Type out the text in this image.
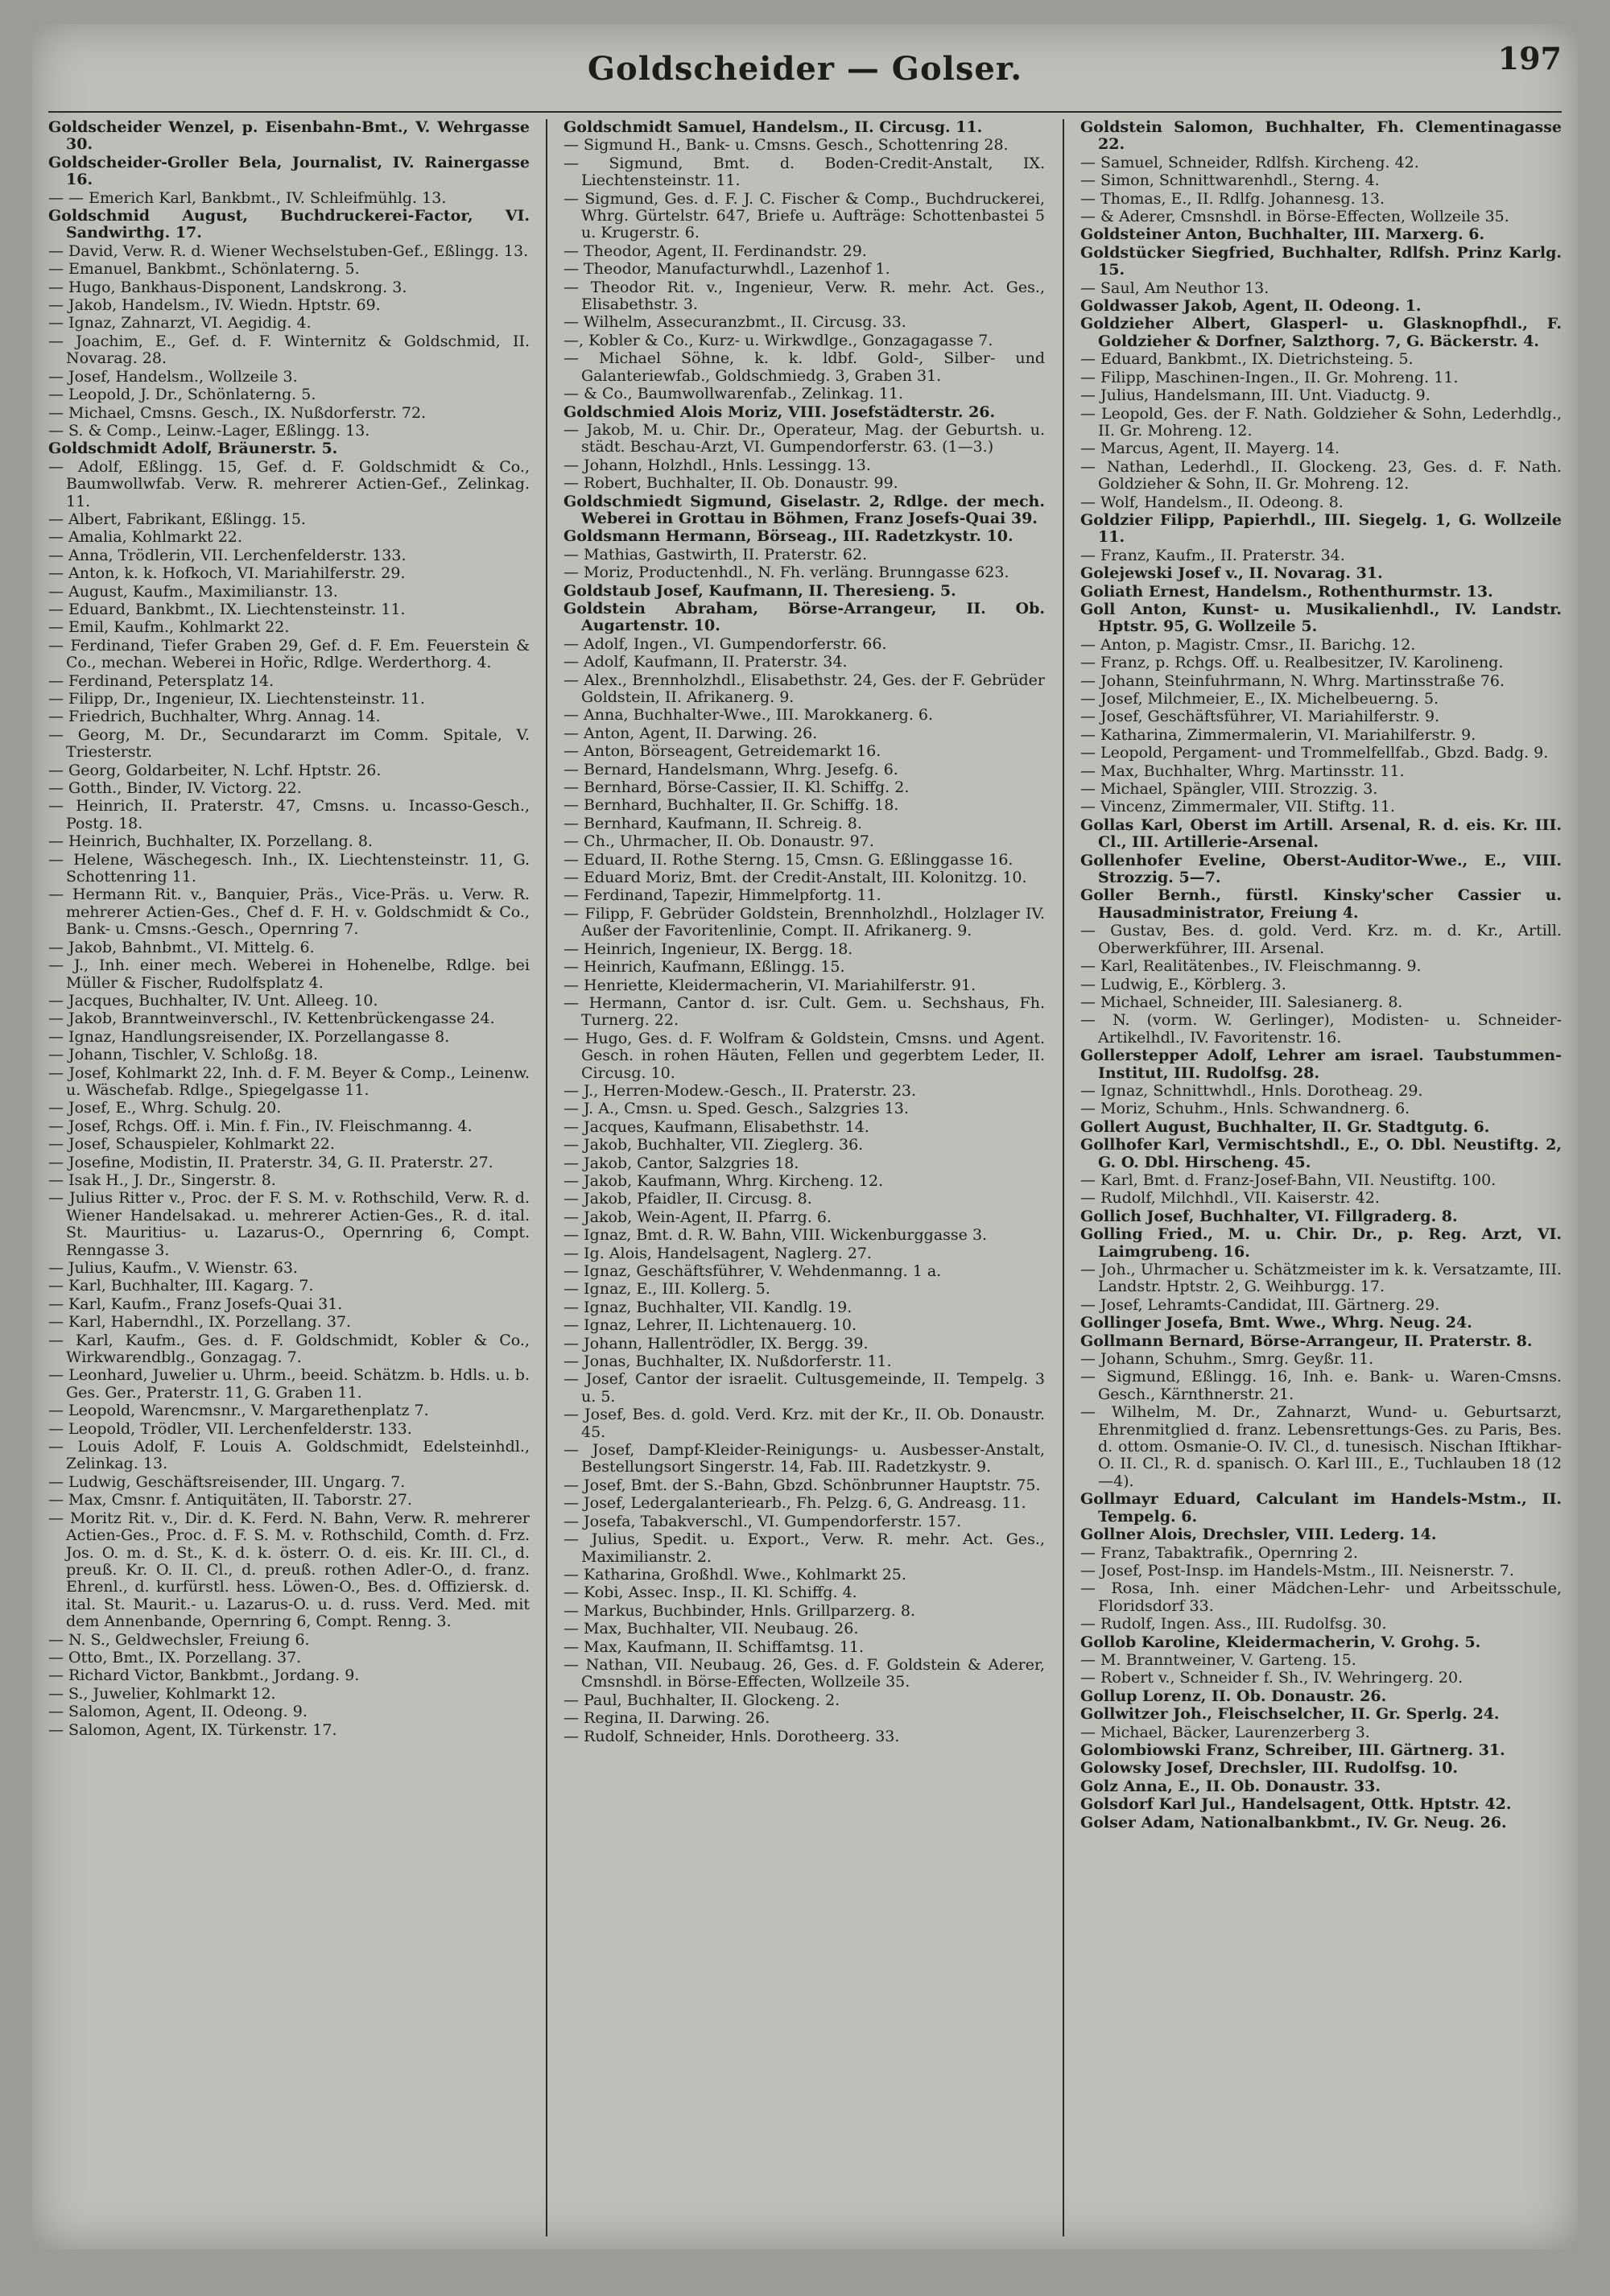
Goldscheider — Golser.	197
Goldscheider Wenzel, p. Eisenbahn-Bmt., V. Wehrgasse 30.
Goldscheider-Groller Bela, Journalist, IV. Rainergasse 16.
— — Emerich Karl, Bankbmt., IV. Schleifmühlg. 13.
Goldschmid August, Buchdruckerei-Factor, VI. Sandwirthg. 17.
— David, Verw. R. d. Wiener Wechselstuben-Gef., Eßlingg. 13.
— Emanuel, Bankbmt., Schönlaterng. 5.
— Hugo, Bankhaus-Disponent, Landskrong. 3.
— Jakob, Handelsm., IV. Wiedn. Hptstr. 69.
— Ignaz, Zahnarzt, VI. Aegidig. 4.
— Joachim, E., Gef. d. F. Winternitz & Goldschmid, II. Novarag. 28.
— Josef, Handelsm., Wollzeile 3.
— Leopold, J. Dr., Schönlaterng. 5.
— Michael, Cmsns. Gesch., IX. Nußdorferstr. 72.
— S. & Comp., Leinw.-Lager, Eßlingg. 13.
Goldschmidt Adolf, Bräunerstr. 5.
— Adolf, Eßlingg. 15, Gef. d. F. Goldschmidt & Co., Baumwollwfab. Verw. R. mehrerer Actien-Gef., Zelinkag. 11.
— Albert, Fabrikant, Eßlingg. 15.
— Amalia, Kohlmarkt 22.
— Anna, Trödlerin, VII. Lerchenfelderstr. 133.
— Anton, k. k. Hofkoch, VI. Mariahilferstr. 29.
— August, Kaufm., Maximilianstr. 13.
— Eduard, Bankbmt., IX. Liechtensteinstr. 11.
— Emil, Kaufm., Kohlmarkt 22.
— Ferdinand, Tiefer Graben 29, Gef. d. F. Em. Feuerstein & Co., mechan. Weberei in Hořic, Rdlge. Werderthorg. 4.
— Ferdinand, Petersplatz 14.
— Filipp, Dr., Ingenieur, IX. Liechtensteinstr. 11.
— Friedrich, Buchhalter, Whrg. Annag. 14.
— Georg, M. Dr., Secundararzt im Comm. Spitale, V. Triesterstr.
— Georg, Goldarbeiter, N. Lchf. Hptstr. 26.
— Gotth., Binder, IV. Victorg. 22.
— Heinrich, II. Praterstr. 47, Cmsns. u. Incasso-Gesch., Postg. 18.
— Heinrich, Buchhalter, IX. Porzellang. 8.
— Helene, Wäschegesch. Inh., IX. Liechtensteinstr. 11, G. Schottenring 11.
— Hermann Rit. v., Banquier, Präs., Vice-Präs. u. Verw. R. mehrerer Actien-Ges., Chef d. F. H. v. Goldschmidt & Co., Bank- u. Cmsns.-Gesch., Opernring 7.
— Jakob, Bahnbmt., VI. Mittelg. 6.
— J., Inh. einer mech. Weberei in Hohenelbe, Rdlge. bei Müller & Fischer, Rudolfsplatz 4.
— Jacques, Buchhalter, IV. Unt. Alleeg. 10.
— Jakob, Branntweinverschl., IV. Kettenbrückengasse 24.
— Ignaz, Handlungsreisender, IX. Porzellangasse 8.
— Johann, Tischler, V. Schloßg. 18.
— Josef, Kohlmarkt 22, Inh. d. F. M. Beyer & Comp., Leinenw. u. Wäschefab. Rdlge., Spiegelgasse 11.
— Josef, E., Whrg. Schulg. 20.
— Josef, Rchgs. Off. i. Min. f. Fin., IV. Fleischmanng. 4.
— Josef, Schauspieler, Kohlmarkt 22.
— Josefine, Modistin, II. Praterstr. 34, G. II. Praterstr. 27.
— Isak H., J. Dr., Singerstr. 8.
— Julius Ritter v., Proc. der F. S. M. v. Rothschild, Verw. R. d. Wiener Handelsakad. u. mehrerer Actien-Ges., R. d. ital. St. Mauritius- u. Lazarus-O., Opernring 6, Compt. Renngasse 3.
— Julius, Kaufm., V. Wienstr. 63.
— Karl, Buchhalter, III. Kagarg. 7.
— Karl, Kaufm., Franz Josefs-Quai 31.
— Karl, Haberndhl., IX. Porzellang. 37.
— Karl, Kaufm., Ges. d. F. Goldschmidt, Kobler & Co., Wirkwarendblg., Gonzagag. 7.
— Leonhard, Juwelier u. Uhrm., beeid. Schätzm. b. Hdls. u. b. Ges. Ger., Praterstr. 11, G. Graben 11.
— Leopold, Warencmsnr., V. Margarethenplatz 7.
— Leopold, Trödler, VII. Lerchenfelderstr. 133.
— Louis Adolf, F. Louis A. Goldschmidt, Edelsteinhdl., Zelinkag. 13.
— Ludwig, Geschäftsreisender, III. Ungarg. 7.
— Max, Cmsnr. f. Antiquitäten, II. Taborstr. 27.
— Moritz Rit. v., Dir. d. K. Ferd. N. Bahn, Verw. R. mehrerer Actien-Ges., Proc. d. F. S. M. v. Rothschild, Comth. d. Frz. Jos. O. m. d. St., K. d. k. österr. O. d. eis. Kr. III. Cl., d. preuß. Kr. O. II. Cl., d. preuß. rothen Adler-O., d. franz. Ehrenl., d. kurfürstl. hess. Löwen-O., Bes. d. Offiziersk. d. ital. St. Maurit.- u. Lazarus-O. u. d. russ. Verd. Med. mit dem Annenbande, Opernring 6, Compt. Renng. 3.
— N. S., Geldwechsler, Freiung 6.
— Otto, Bmt., IX. Porzellang. 37.
— Richard Victor, Bankbmt., Jordang. 9.
— S., Juwelier, Kohlmarkt 12.
— Salomon, Agent, II. Odeong. 9.
— Salomon, Agent, IX. Türkenstr. 17.
Goldschmidt Samuel, Handelsm., II. Circusg. 11.
— Sigmund H., Bank- u. Cmsns. Gesch., Schottenring 28.
— Sigmund, Bmt. d. Boden-Credit-Anstalt, IX. Liechtensteinstr. 11.
— Sigmund, Ges. d. F. J. C. Fischer & Comp., Buchdruckerei, Whrg. Gürtelstr. 647, Briefe u. Aufträge: Schottenbastei 5 u. Krugerstr. 6.
— Theodor, Agent, II. Ferdinandstr. 29.
— Theodor, Manufacturwhdl., Lazenhof 1.
— Theodor Rit. v., Ingenieur, Verw. R. mehr. Act. Ges., Elisabethstr. 3.
— Wilhelm, Assecuranzbmt., II. Circusg. 33.
—, Kobler & Co., Kurz- u. Wirkwdlge., Gonzagagasse 7.
— Michael Söhne, k. k. ldbf. Gold-, Silber- und Galanteriewfab., Goldschmiedg. 3, Graben 31.
— & Co., Baumwollwarenfab., Zelinkag. 11.
Goldschmied Alois Moriz, VIII. Josefstädterstr. 26.
— Jakob, M. u. Chir. Dr., Operateur, Mag. der Geburtsh. u. städt. Beschau-Arzt, VI. Gumpendorferstr. 63. (1—3.)
— Johann, Holzhdl., Hnls. Lessingg. 13.
— Robert, Buchhalter, II. Ob. Donaustr. 99.
Goldschmiedt Sigmund, Giselastr. 2, Rdlge. der mech. Weberei in Grottau in Böhmen, Franz Josefs-Quai 39.
Goldsmann Hermann, Börseag., III. Radetzkystr. 10.
— Mathias, Gastwirth, II. Praterstr. 62.
— Moriz, Productenhdl., N. Fh. verläng. Brunngasse 623.
Goldstaub Josef, Kaufmann, II. Theresieng. 5.
Goldstein Abraham, Börse-Arrangeur, II. Ob. Augartenstr. 10.
— Adolf, Ingen., VI. Gumpendorferstr. 66.
— Adolf, Kaufmann, II. Praterstr. 34.
— Alex., Brennholzhdl., Elisabethstr. 24, Ges. der F. Gebrüder Goldstein, II. Afrikanerg. 9.
— Anna, Buchhalter-Wwe., III. Marokkanerg. 6.
— Anton, Agent, II. Darwing. 26.
— Anton, Börseagent, Getreidemarkt 16.
— Bernard, Handelsmann, Whrg. Jesefg. 6.
— Bernhard, Börse-Cassier, II. Kl. Schiffg. 2.
— Bernhard, Buchhalter, II. Gr. Schiffg. 18.
— Bernhard, Kaufmann, II. Schreig. 8.
— Ch., Uhrmacher, II. Ob. Donaustr. 97.
— Eduard, II. Rothe Sterng. 15, Cmsn. G. Eßlinggasse 16.
— Eduard Moriz, Bmt. der Credit-Anstalt, III. Kolonitzg. 10.
— Ferdinand, Tapezir, Himmelpfortg. 11.
— Filipp, F. Gebrüder Goldstein, Brennholzhdl., Holzlager IV. Außer der Favoritenlinie, Compt. II. Afrikanerg. 9.
— Heinrich, Ingenieur, IX. Bergg. 18.
— Heinrich, Kaufmann, Eßlingg. 15.
— Henriette, Kleidermacherin, VI. Mariahilferstr. 91.
— Hermann, Cantor d. isr. Cult. Gem. u. Sechshaus, Fh. Turnerg. 22.
— Hugo, Ges. d. F. Wolfram & Goldstein, Cmsns. und Agent. Gesch. in rohen Häuten, Fellen und gegerbtem Leder, II. Circusg. 10.
— J., Herren-Modew.-Gesch., II. Praterstr. 23.
— J. A., Cmsn. u. Sped. Gesch., Salzgries 13.
— Jacques, Kaufmann, Elisabethstr. 14.
— Jakob, Buchhalter, VII. Zieglerg. 36.
— Jakob, Cantor, Salzgries 18.
— Jakob, Kaufmann, Whrg. Kircheng. 12.
— Jakob, Pfaidler, II. Circusg. 8.
— Jakob, Wein-Agent, II. Pfarrg. 6.
— Ignaz, Bmt. d. R. W. Bahn, VIII. Wickenburggasse 3.
— Ig. Alois, Handelsagent, Naglerg. 27.
— Ignaz, Geschäftsführer, V. Wehdenmanng. 1 a.
— Ignaz, E., III. Kollerg. 5.
— Ignaz, Buchhalter, VII. Kandlg. 19.
— Ignaz, Lehrer, II. Lichtenauerg. 10.
— Johann, Hallentrödler, IX. Bergg. 39.
— Jonas, Buchhalter, IX. Nußdorferstr. 11.
— Josef, Cantor der israelit. Cultusgemeinde, II. Tempelg. 3 u. 5.
— Josef, Bes. d. gold. Verd. Krz. mit der Kr., II. Ob. Donaustr. 45.
— Josef, Dampf-Kleider-Reinigungs- u. Ausbesser-Anstalt, Bestellungsort Singerstr. 14, Fab. III. Radetzkystr. 9.
— Josef, Bmt. der S.-Bahn, Gbzd. Schönbrunner Hauptstr. 75.
— Josef, Ledergalanteriearb., Fh. Pelzg. 6, G. Andreasg. 11.
— Josefa, Tabakverschl., VI. Gumpendorferstr. 157.
— Julius, Spedit. u. Export., Verw. R. mehr. Act. Ges., Maximilianstr. 2.
— Katharina, Großhdl. Wwe., Kohlmarkt 25.
— Kobi, Assec. Insp., II. Kl. Schiffg. 4.
— Markus, Buchbinder, Hnls. Grillparzerg. 8.
— Max, Buchhalter, VII. Neubaug. 26.
— Max, Kaufmann, II. Schiffamtsg. 11.
— Nathan, VII. Neubaug. 26, Ges. d. F. Goldstein & Aderer, Cmsnshdl. in Börse-Effecten, Wollzeile 35.
— Paul, Buchhalter, II. Glockeng. 2.
— Regina, II. Darwing. 26.
— Rudolf, Schneider, Hnls. Dorotheerg. 33.
Goldstein Salomon, Buchhalter, Fh. Clementinagasse 22.
— Samuel, Schneider, Rdlfsh. Kircheng. 42.
— Simon, Schnittwarenhdl., Sterng. 4.
— Thomas, E., II. Rdlfg. Johannesg. 13.
— & Aderer, Cmsnshdl. in Börse-Effecten, Wollzeile 35.
Goldsteiner Anton, Buchhalter, III. Marxerg. 6.
Goldstücker Siegfried, Buchhalter, Rdlfsh. Prinz Karlg. 15.
— Saul, Am Neuthor 13.
Goldwasser Jakob, Agent, II. Odeong. 1.
Goldzieher Albert, Glasperl- u. Glasknopfhdl., F. Goldzieher & Dorfner, Salzthorg. 7, G. Bäckerstr. 4.
— Eduard, Bankbmt., IX. Dietrichsteing. 5.
— Filipp, Maschinen-Ingen., II. Gr. Mohreng. 11.
— Julius, Handelsmann, III. Unt. Viaductg. 9.
— Leopold, Ges. der F. Nath. Goldzieher & Sohn, Lederhdlg., II. Gr. Mohreng. 12.
— Marcus, Agent, II. Mayerg. 14.
— Nathan, Lederhdl., II. Glockeng. 23, Ges. d. F. Nath. Goldzieher & Sohn, II. Gr. Mohreng. 12.
— Wolf, Handelsm., II. Odeong. 8.
Goldzier Filipp, Papierhdl., III. Siegelg. 1, G. Wollzeile 11.
— Franz, Kaufm., II. Praterstr. 34.
Golejewski Josef v., II. Novarag. 31.
Goliath Ernest, Handelsm., Rothenthurmstr. 13.
Goll Anton, Kunst- u. Musikalienhdl., IV. Landstr. Hptstr. 95, G. Wollzeile 5.
— Anton, p. Magistr. Cmsr., II. Barichg. 12.
— Franz, p. Rchgs. Off. u. Realbesitzer, IV. Karolineng.
— Johann, Steinfuhrmann, N. Whrg. Martinsstraße 76.
— Josef, Milchmeier, E., IX. Michelbeuerng. 5.
— Josef, Geschäftsführer, VI. Mariahilferstr. 9.
— Katharina, Zimmermalerin, VI. Mariahilferstr. 9.
— Leopold, Pergament- und Trommelfellfab., Gbzd. Badg. 9.
— Max, Buchhalter, Whrg. Martinsstr. 11.
— Michael, Spängler, VIII. Strozzig. 3.
— Vincenz, Zimmermaler, VII. Stiftg. 11.
Gollas Karl, Oberst im Artill. Arsenal, R. d. eis. Kr. III. Cl., III. Artillerie-Arsenal.
Gollenhofer Eveline, Oberst-Auditor-Wwe., E., VIII. Strozzig. 5—7.
Goller Bernh., fürstl. Kinsky'scher Cassier u. Hausadministrator, Freiung 4.
— Gustav, Bes. d. gold. Verd. Krz. m. d. Kr., Artill. Oberwerkführer, III. Arsenal.
— Karl, Realitätenbes., IV. Fleischmanng. 9.
— Ludwig, E., Körblerg. 3.
— Michael, Schneider, III. Salesianerg. 8.
— N. (vorm. W. Gerlinger), Modisten- u. Schneider-Artikelhdl., IV. Favoritenstr. 16.
Gollerstepper Adolf, Lehrer am israel. Taubstummen-Institut, III. Rudolfsg. 28.
— Ignaz, Schnittwhdl., Hnls. Dorotheag. 29.
— Moriz, Schuhm., Hnls. Schwandnerg. 6.
Gollert August, Buchhalter, II. Gr. Stadtgutg. 6.
Gollhofer Karl, Vermischtshdl., E., O. Dbl. Neustiftg. 2, G. O. Dbl. Hirscheng. 45.
— Karl, Bmt. d. Franz-Josef-Bahn, VII. Neustiftg. 100.
— Rudolf, Milchhdl., VII. Kaiserstr. 42.
Gollich Josef, Buchhalter, VI. Fillgraderg. 8.
Golling Fried., M. u. Chir. Dr., p. Reg. Arzt, VI. Laimgrubeng. 16.
— Joh., Uhrmacher u. Schätzmeister im k. k. Versatzamte, III. Landstr. Hptstr. 2, G. Weihburgg. 17.
— Josef, Lehramts-Candidat, III. Gärtnerg. 29.
Gollinger Josefa, Bmt. Wwe., Whrg. Neug. 24.
Gollmann Bernard, Börse-Arrangeur, II. Praterstr. 8.
— Johann, Schuhm., Smrg. Geyßr. 11.
— Sigmund, Eßlingg. 16, Inh. e. Bank- u. Waren-Cmsns. Gesch., Kärnthnerstr. 21.
— Wilhelm, M. Dr., Zahnarzt, Wund- u. Geburtsarzt, Ehrenmitglied d. franz. Lebensrettungs-Ges. zu Paris, Bes. d. ottom. Osmanie-O. IV. Cl., d. tunesisch. Nischan Iftikhar-O. II. Cl., R. d. spanisch. O. Karl III., E., Tuchlauben 18 (12—4).
Gollmayr Eduard, Calculant im Handels-Mstm., II. Tempelg. 6.
Gollner Alois, Drechsler, VIII. Lederg. 14.
— Franz, Tabaktrafik., Opernring 2.
— Josef, Post-Insp. im Handels-Mstm., III. Neisnerstr. 7.
— Rosa, Inh. einer Mädchen-Lehr- und Arbeitsschule, Floridsdorf 33.
— Rudolf, Ingen. Ass., III. Rudolfsg. 30.
Gollob Karoline, Kleidermacherin, V. Grohg. 5.
— M. Branntweiner, V. Garteng. 15.
— Robert v., Schneider f. Sh., IV. Wehringerg. 20.
Gollup Lorenz, II. Ob. Donaustr. 26.
Gollwitzer Joh., Fleischselcher, II. Gr. Sperlg. 24.
— Michael, Bäcker, Laurenzerberg 3.
Golombiowski Franz, Schreiber, III. Gärtnerg. 31.
Golowsky Josef, Drechsler, III. Rudolfsg. 10.
Golz Anna, E., II. Ob. Donaustr. 33.
Golsdorf Karl Jul., Handelsagent, Ottk. Hptstr. 42.
Golser Adam, Nationalbankbmt., IV. Gr. Neug. 26.
